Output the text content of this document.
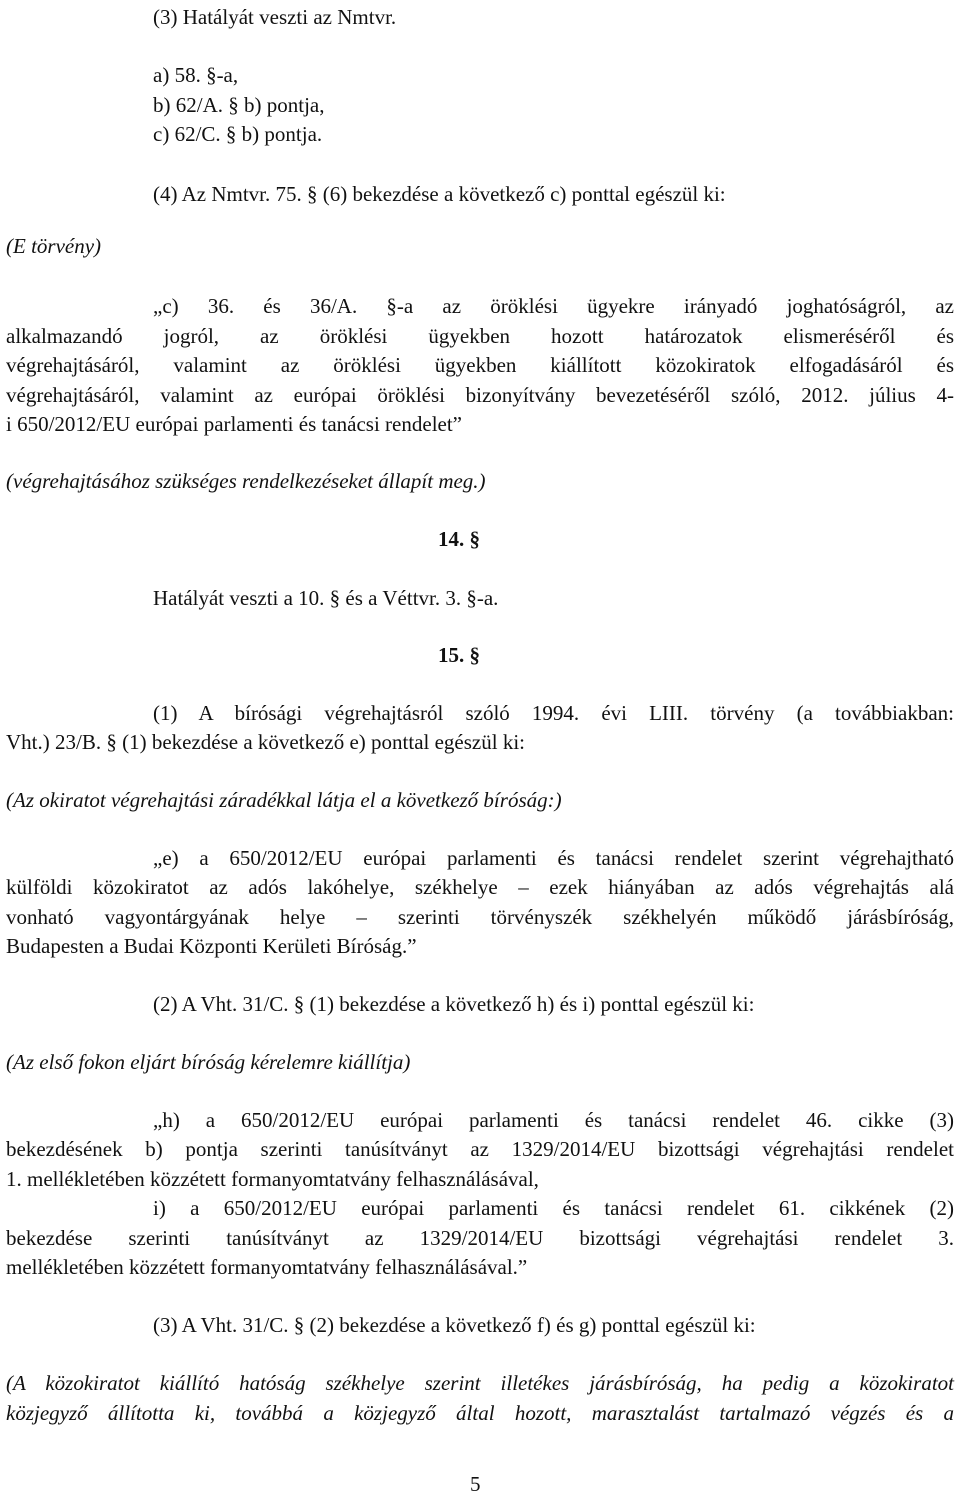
(3) Hatályát veszti az Nmtvr.

a) 58. §-a,

b) 62/A. § b) pontja,

c) 62/C. § b) pontja.

(4) Az Nmtvr. 75. § (6) bekezdése a következő c) ponttal egészül ki:

(E törvény)

„c) 36. és 36/A. §-a az öröklési ügyekre irányadó joghatóságról, az

alkalmazandó jogról, az öröklési ügyekben hozott határozatok elismeréséről és

végrehajtásáról, valamint az öröklési ügyekben kiállított közokiratok elfogadásáról és

végrehajtásáról, valamint az európai öröklési bizonyítvány bevezetéséről szóló, 2012. július 4-

i 650/2012/EU európai parlamenti és tanácsi rendelet”

(végrehajtásához szükséges rendelkezéseket állapít meg.)

14. §

Hatályát veszti a 10. § és a Véttvr. 3. §-a.

15. §

(1) A bírósági végrehajtásról szóló 1994. évi LIII. törvény (a továbbiakban:

Vht.) 23/B. § (1) bekezdése a következő e) ponttal egészül ki:

(Az okiratot végrehajtási záradékkal látja el a következő bíróság:)

„e) a 650/2012/EU európai parlamenti és tanácsi rendelet szerint végrehajtható

külföldi közokiratot az adós lakóhelye, székhelye – ezek hiányában az adós végrehajtás alá

vonható vagyontárgyának helye – szerinti törvényszék székhelyén működő járásbíróság,

Budapesten a Budai Központi Kerületi Bíróság.”

(2) A Vht. 31/C. § (1) bekezdése a következő h) és i) ponttal egészül ki:

(Az első fokon eljárt bíróság kérelemre kiállítja)

„h) a 650/2012/EU európai parlamenti és tanácsi rendelet 46. cikke (3)

bekezdésének b) pontja szerinti tanúsítványt az 1329/2014/EU bizottsági végrehajtási rendelet

1. mellékletében közzétett formanyomtatvány felhasználásával,

i) a 650/2012/EU európai parlamenti és tanácsi rendelet 61. cikkének (2)

bekezdése szerinti tanúsítványt az 1329/2014/EU bizottsági végrehajtási rendelet 3.

mellékletében közzétett formanyomtatvány felhasználásával.”

(3) A Vht. 31/C. § (2) bekezdése a következő f) és g) ponttal egészül ki:

(A közokiratot kiállító hatóság székhelye szerint illetékes járásbíróság, ha pedig a közokiratot

közjegyző állította ki, továbbá a közjegyző által hozott, marasztalást tartalmazó végzés és a

5
